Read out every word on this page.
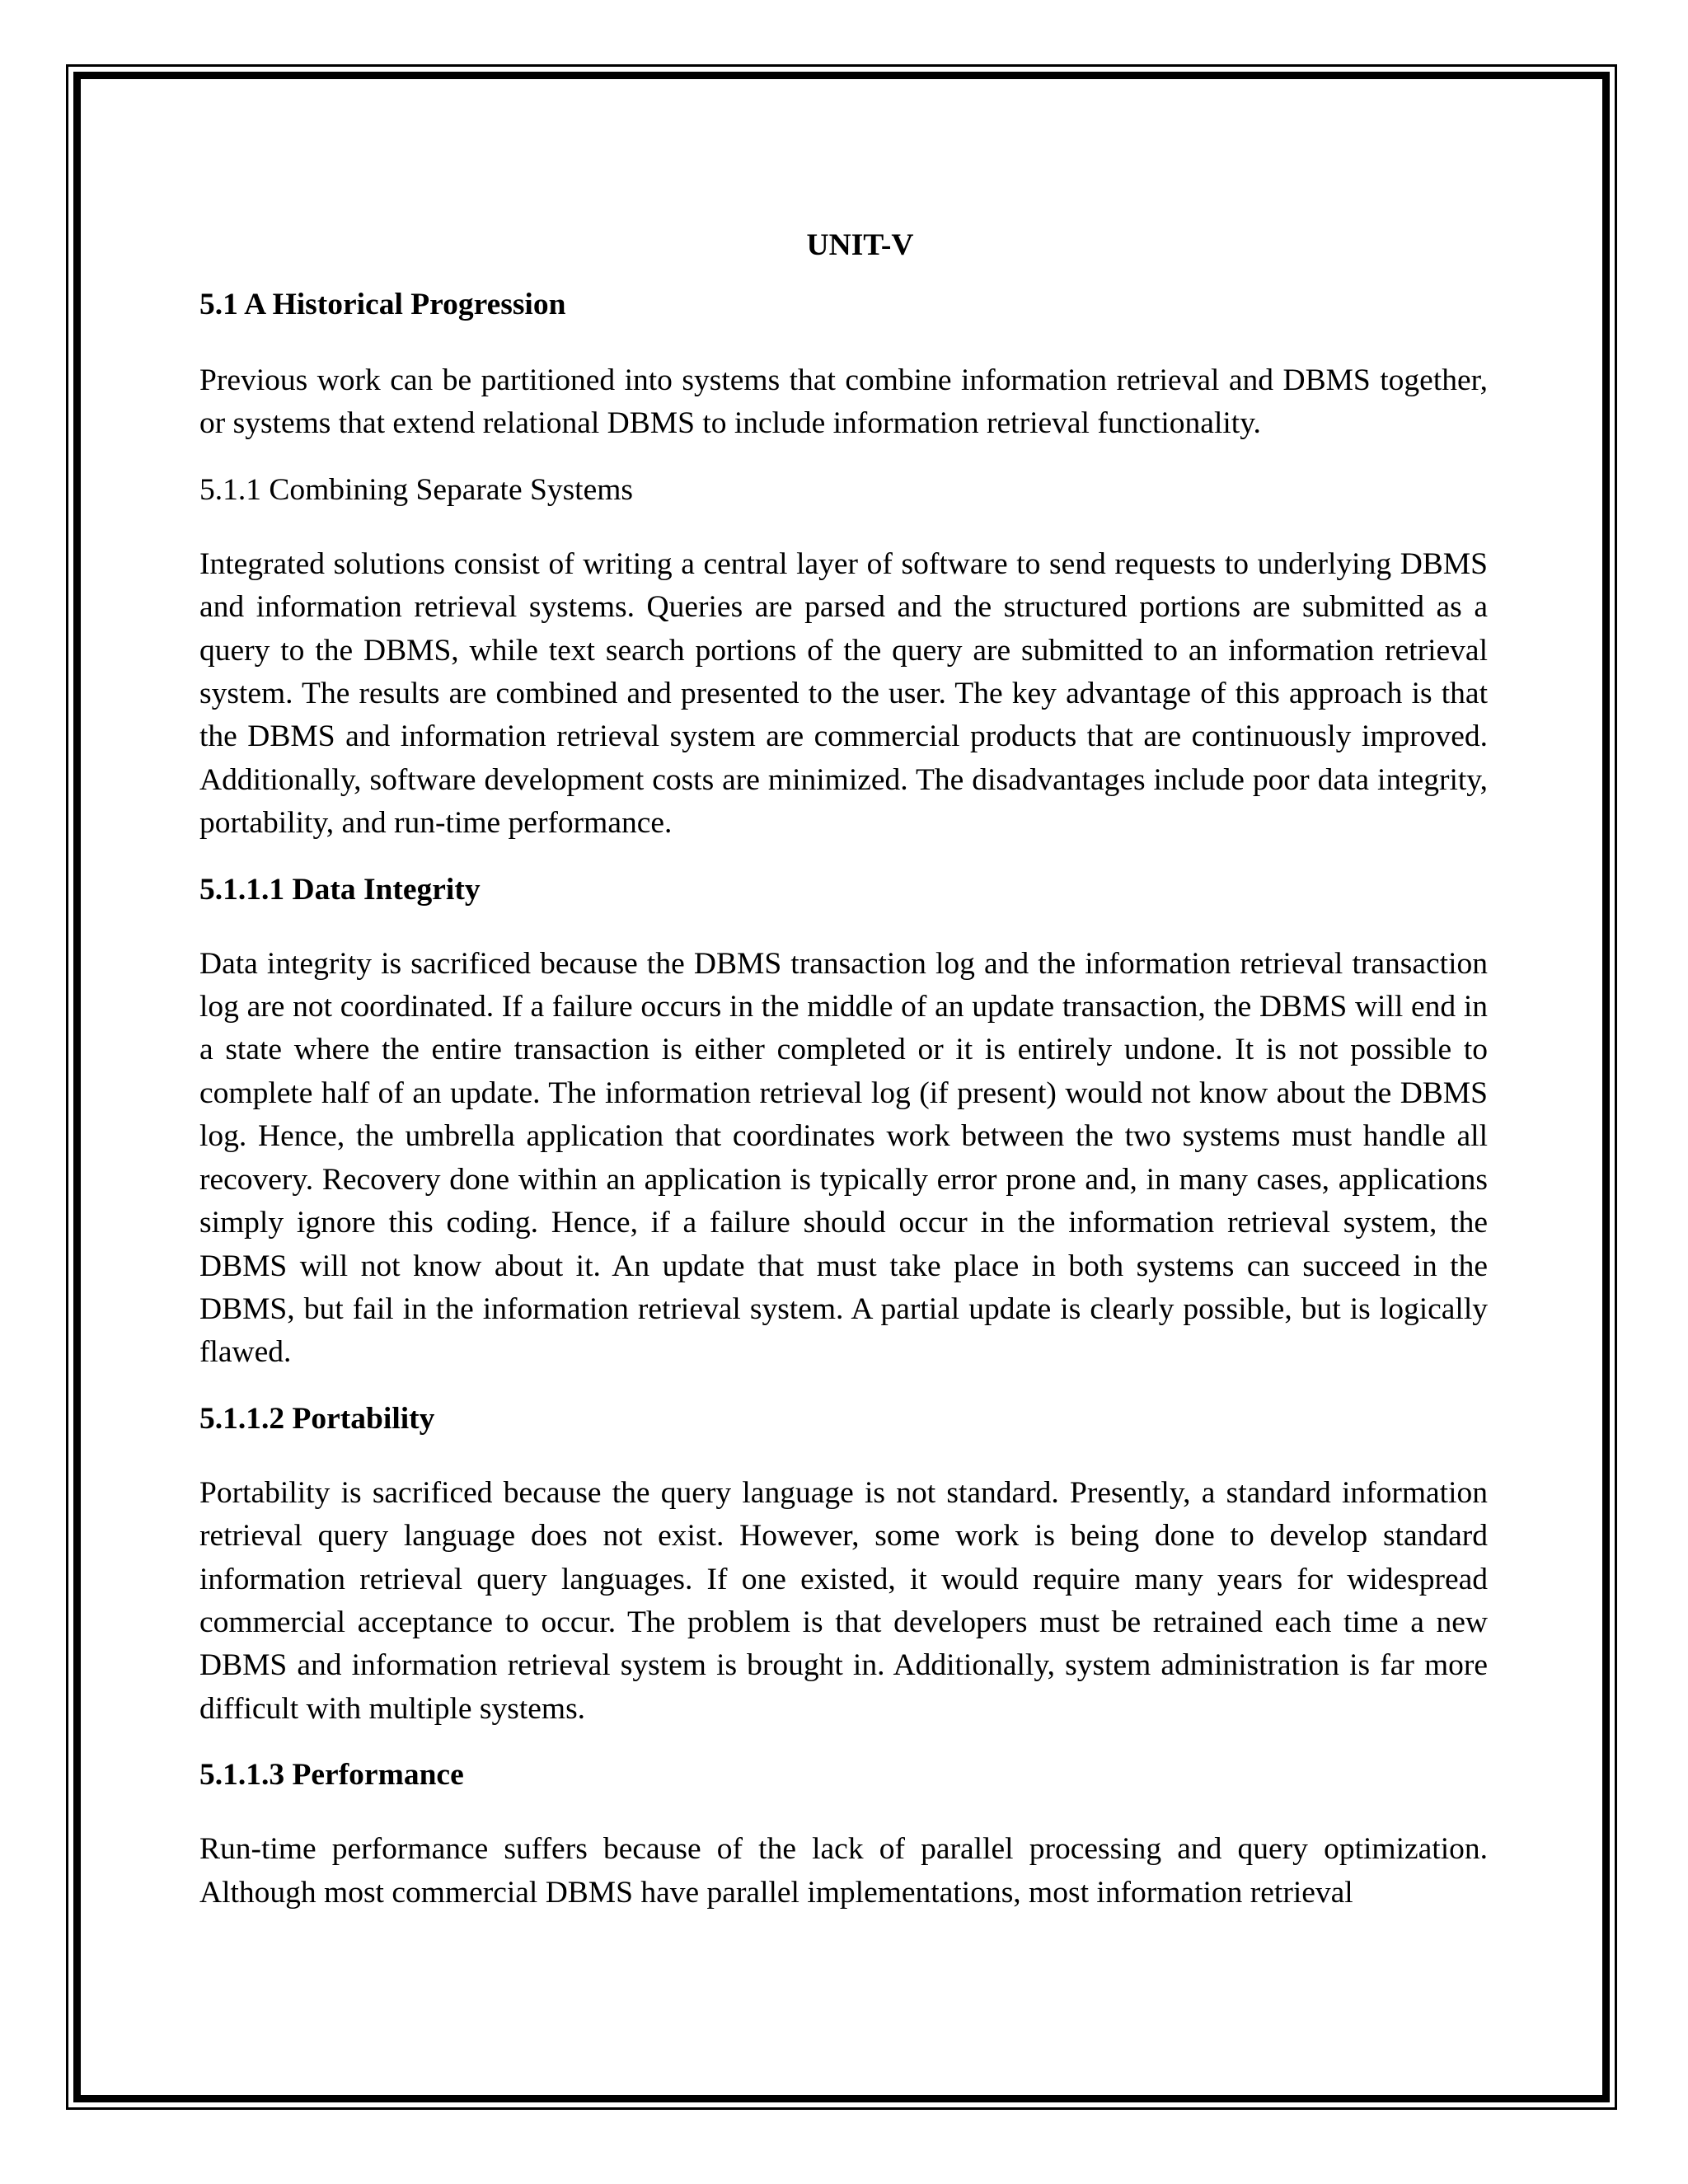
UNIT-V
5.1 A Historical Progression

Previous work can be partitioned into systems that combine information retrieval and DBMS together, or systems that extend relational DBMS to include information retrieval functionality.

5.1.1 Combining Separate Systems

Integrated solutions consist of writing a central layer of software to send requests to underlying DBMS and information retrieval systems. Queries are parsed and the structured portions are submitted as a query to the DBMS, while text search portions of the query are submitted to an information retrieval system. The results are combined and presented to the user. The key advantage of this approach is that the DBMS and information retrieval system are commercial products that are continuously improved. Additionally, software development costs are minimized. The disadvantages include poor data integrity, portability, and run-time performance.

5.1.1.1 Data Integrity

Data integrity is sacrificed because the DBMS transaction log and the information retrieval transaction log are not coordinated. If a failure occurs in the middle of an update transaction, the DBMS will end in a state where the entire transaction is either completed or it is entirely undone. It is not possible to complete half of an update. The information retrieval log (if present) would not know about the DBMS log. Hence, the umbrella application that coordinates work between the two systems must handle all recovery. Recovery done within an application is typically error prone and, in many cases, applications simply ignore this coding. Hence, if a failure should occur in the information retrieval system, the DBMS will not know about it. An update that must take place in both systems can succeed in the DBMS, but fail in the information retrieval system. A partial update is clearly possible, but is logically flawed.

5.1.1.2 Portability

Portability is sacrificed because the query language is not standard. Presently, a standard information retrieval query language does not exist. However, some work is being done to develop standard information retrieval query languages. If one existed, it would require many years for widespread commercial acceptance to occur. The problem is that developers must be retrained each time a new DBMS and information retrieval system is brought in. Additionally, system administration is far more difficult with multiple systems.

5.1.1.3 Performance

Run-time performance suffers because of the lack of parallel processing and query optimization. Although most commercial DBMS have parallel implementations, most information retrieval
